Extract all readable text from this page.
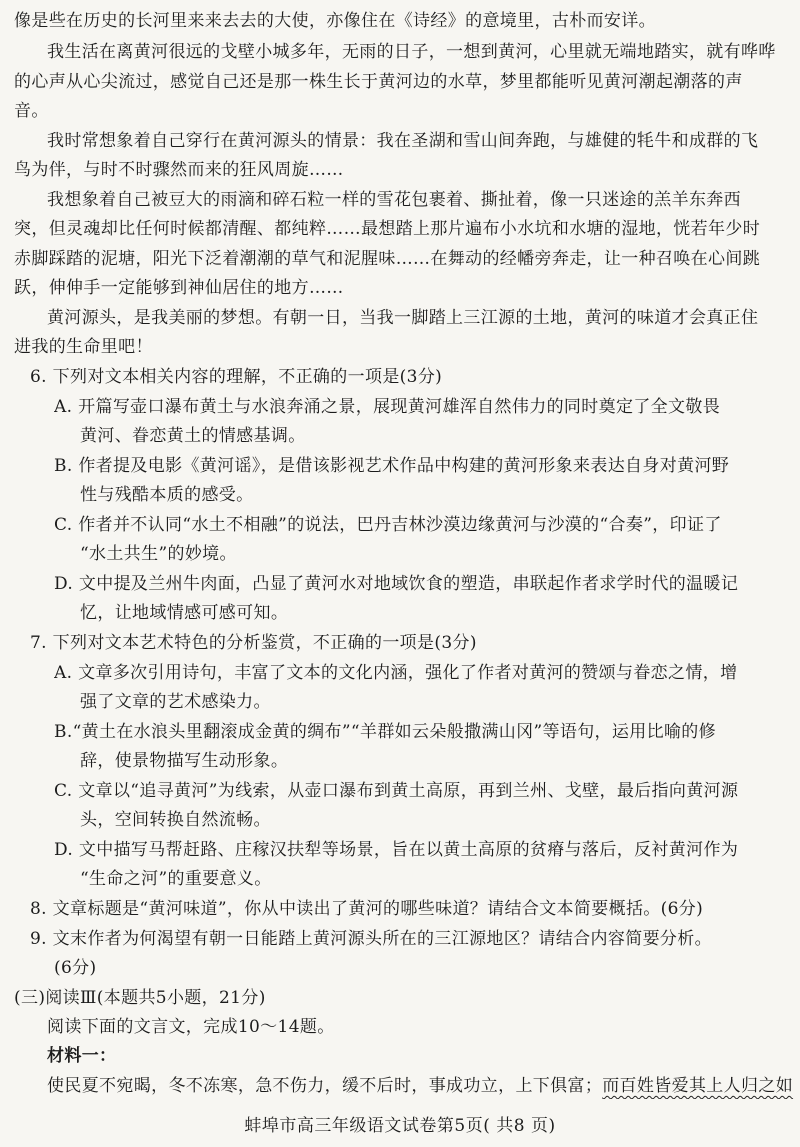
像是些在历史的长河里来来去去的大使，亦像住在《诗经》的意境里，古朴而安详。
我生活在离黄河很远的戈壁小城多年，无雨的日子，一想到黄河，心里就无端地踏实，就有哗哗
的心声从心尖流过，感觉自己还是那一株生长于黄河边的水草，梦里都能听见黄河潮起潮落的声
音。
我时常想象着自己穿行在黄河源头的情景：我在圣湖和雪山间奔跑，与雄健的牦牛和成群的飞
鸟为伴，与时不时骤然而来的狂风周旋……
我想象着自己被豆大的雨滴和碎石粒一样的雪花包裹着、撕扯着，像一只迷途的羔羊东奔西
突，但灵魂却比任何时候都清醒、都纯粹……最想踏上那片遍布小水坑和水塘的湿地，恍若年少时
赤脚踩踏的泥塘，阳光下泛着潮潮的草气和泥腥味……在舞动的经幡旁奔走，让一种召唤在心间跳
跃，伸伸手一定能够到神仙居住的地方……
黄河源头，是我美丽的梦想。有朝一日，当我一脚踏上三江源的土地，黄河的味道才会真正住
进我的生命里吧！
6. 下列对文本相关内容的理解，不正确的一项是(3分)
A. 开篇写壶口瀑布黄土与水浪奔涌之景，展现黄河雄浑自然伟力的同时奠定了全文敬畏
黄河、眷恋黄土的情感基调。
B. 作者提及电影《黄河谣》，是借该影视艺术作品中构建的黄河形象来表达自身对黄河野
性与残酷本质的感受。
C. 作者并不认同“水土不相融”的说法，巴丹吉林沙漠边缘黄河与沙漠的“合奏”，印证了
“水土共生”的妙境。
D. 文中提及兰州牛肉面，凸显了黄河水对地域饮食的塑造，串联起作者求学时代的温暖记
忆，让地域情感可感可知。
7. 下列对文本艺术特色的分析鉴赏，不正确的一项是(3分)
A. 文章多次引用诗句，丰富了文本的文化内涵，强化了作者对黄河的赞颂与眷恋之情，增
强了文章的艺术感染力。
B.“黄土在水浪头里翻滚成金黄的绸布”“羊群如云朵般撒满山冈”等语句，运用比喻的修
辞，使景物描写生动形象。
C. 文章以“追寻黄河”为线索，从壶口瀑布到黄土高原，再到兰州、戈壁，最后指向黄河源
头，空间转换自然流畅。
D. 文中描写马帮赶路、庄稼汉扶犁等场景，旨在以黄土高原的贫瘠与落后，反衬黄河作为
“生命之河”的重要意义。
8. 文章标题是“黄河味道”，你从中读出了黄河的哪些味道？请结合文本简要概括。(6分)
9. 文末作者为何渴望有朝一日能踏上黄河源头所在的三江源地区？请结合内容简要分析。
(6分)
(三)阅读Ⅲ(本题共5小题，21分)
阅读下面的文言文，完成10～14题。
材料一：
使民夏不宛暍，冬不冻寒，急不伤力，缓不后时，事成功立，上下俱富；而百姓皆爱其上人归之如
蚌埠市高三年级语文试卷第5页( 共8 页)
